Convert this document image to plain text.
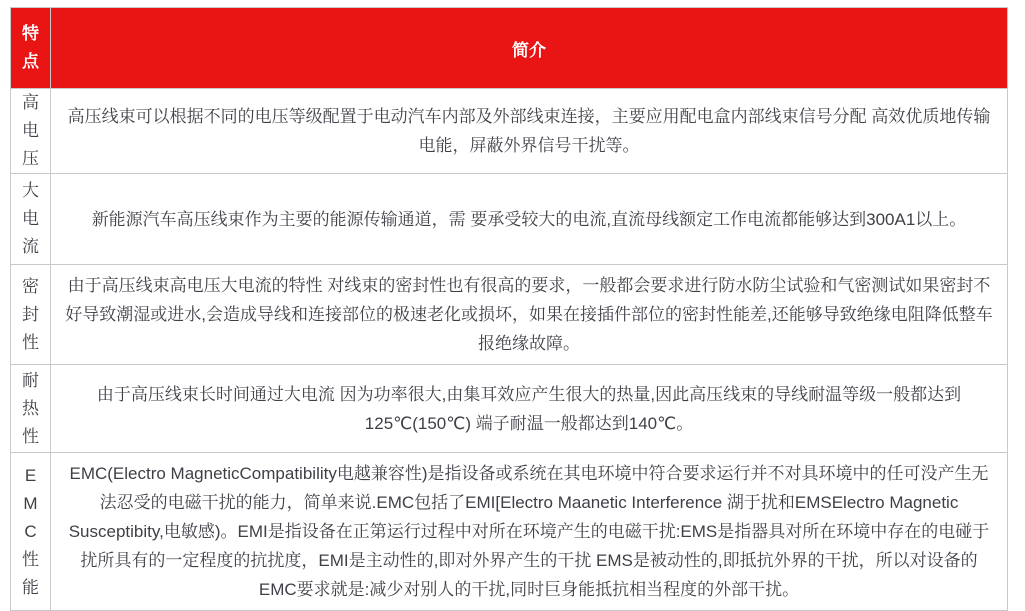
特点	简介

高电压	高压线束可以根据不同的电压等级配置于电动汽车内部及外部线束连接，主要应用配电盒内部线束信号分配 高效优质地传输电能，屏蔽外界信号干扰等。

大电流	新能源汽车高压线束作为主要的能源传输通道，需 要承受较大的电流,直流母线额定工作电流都能够达到300A1以上。

密封性	由于高压线束高电压大电流的特性 对线束的密封性也有很高的要求，一般都会要求进行防水防尘试验和气密测试如果密封不好导致潮湿或进水,会造成导线和连接部位的极速老化或损坏，如果在接插件部位的密封性能差,还能够导致绝缘电阻降低整车报绝缘故障。

耐热性	由于高压线束长时间通过大电流 因为功率很大,由集耳效应产生很大的热量,因此高压线束的导线耐温等级一般都达到125℃(150℃) 端子耐温一般都达到140℃。

EMC性能	EMC(Electro MagneticCompatibility电越兼容性)是指设备或系统在其电环境中符合要求运行并不对具环境中的任可没产生无法忍受的电磁干扰的能力，简单来说.EMC包括了EMI[Electro Maanetic Interference 湖于扰和EMSElectro Magnetic Susceptibity,电敏感)。EMI是指设备在正第运行过程中对所在环境产生的电磁干扰:EMS是指器具对所在环境中存在的电碰于扰所具有的一定程度的抗扰度，EMI是主动性的,即对外界产生的干扰 EMS是被动性的,即抵抗外界的干扰，所以对设备的EMC要求就是:减少对别人的干扰,同时巨身能抵抗相当程度的外部干扰。
